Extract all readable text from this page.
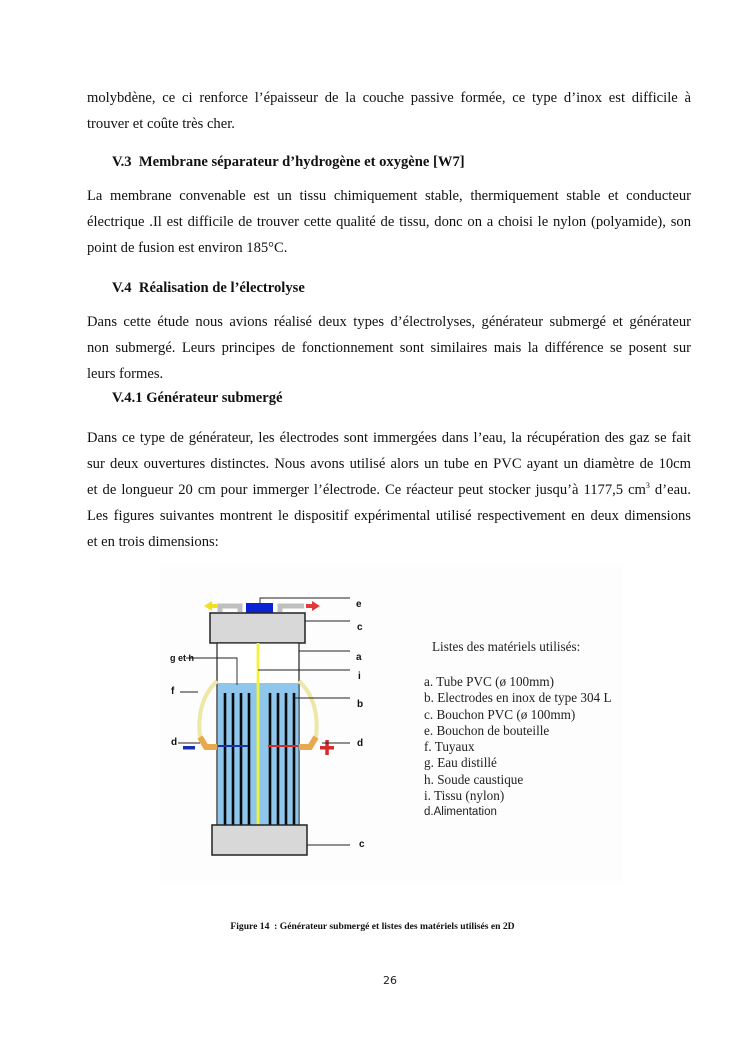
molybdène, ce ci renforce l’épaisseur de la couche passive formée, ce type d’inox est difficile à
trouver et coûte très cher.
V.3  Membrane séparateur d’hydrogène et oxygène [W7]
La membrane convenable est un tissu chimiquement stable, thermiquement stable et conducteur
électrique .Il est difficile de trouver cette qualité de tissu, donc on a choisi le nylon (polyamide), son
point de fusion est environ 185°C.
V.4  Réalisation de l’électrolyse
Dans cette étude nous avions réalisé deux types d’électrolyses, générateur submergé et générateur
non submergé. Leurs principes de fonctionnement sont similaires mais la différence se posent sur
leurs formes.
V.4.1 Générateur submergé
Dans ce type de générateur, les électrodes sont immergées dans l’eau, la récupération des gaz se fait
sur deux ouvertures distinctes. Nous avons utilisé alors un tube en PVC ayant un diamètre de 10cm
et de longueur 20 cm pour immerger l’électrode. Ce réacteur peut stocker jusqu’à 1177,5 $cm^3$ d’eau.
Les figures suivantes montrent le dispositif expérimental utilisé respectivement en deux dimensions
et en trois dimensions:
e
c
a
i
b
d
c
f
d
g et h
Listes des matériels utilisés:
a. Tube PVC (ø 100mm)
b. Electrodes en inox de type 304 L
c. Bouchon PVC (ø 100mm)
e. Bouchon de bouteille
f. Tuyaux
g. Eau distillé
h. Soude caustique
i. Tissu (nylon)
d.Alimentation
Figure 14  : Générateur submergé et listes des matériels utilisés en 2D
26
